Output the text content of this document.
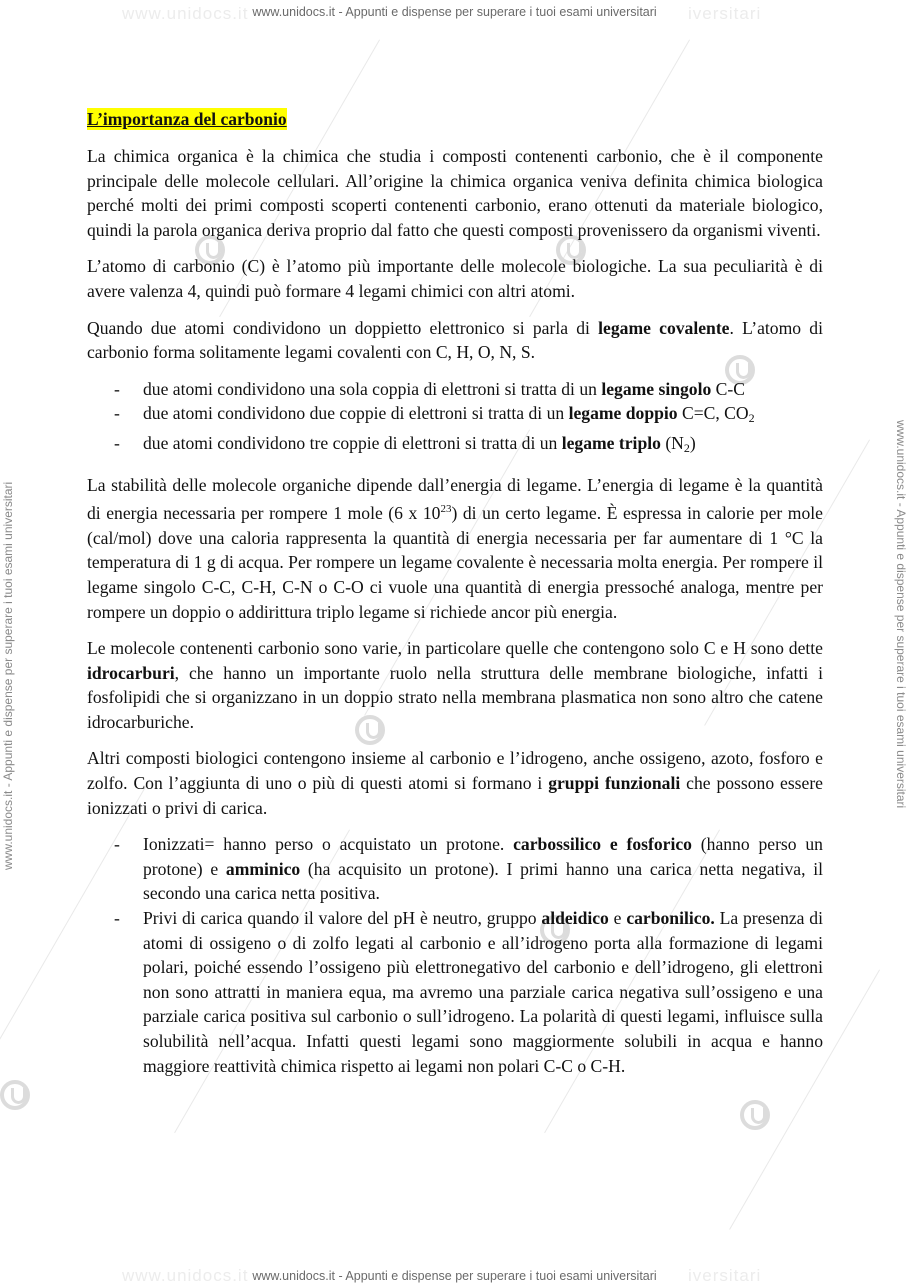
www.unidocs.it	iversitari
www.unidocs.it	iversitari
www.unidocs.it - Appunti e dispense per superare i tuoi esami universitari
www.unidocs.it - Appunti e dispense per superare i tuoi esami universitari
www.unidocs.it - Appunti e dispense per superare i tuoi esami universitari	www.unidocs.it - Appunti e dispense per superare i tuoi esami universitari
L’importanza del carbonio

La chimica organica è la chimica che studia i composti contenenti carbonio, che è il componente principale delle molecole cellulari. All’origine la chimica organica veniva definita chimica biologica perché molti dei primi composti scoperti contenenti carbonio, erano ottenuti da materiale biologico, quindi la parola organica deriva proprio dal fatto che questi composti provenissero da organismi viventi.

L’atomo di carbonio (C) è l’atomo più importante delle molecole biologiche. La sua peculiarità è di avere valenza 4, quindi può formare 4 legami chimici con altri atomi.

Quando due atomi condividono un doppietto elettronico si parla di legame covalente. L’atomo di carbonio forma solitamente legami covalenti con C, H, O, N, S.

- due atomi condividono una sola coppia di elettroni si tratta di un legame singolo C-C
- due atomi condividono due coppie di elettroni si tratta di un legame doppio C=C, $CO_2$
- due atomi condividono tre coppie di elettroni si tratta di un legame triplo $(N_2)$

La stabilità delle molecole organiche dipende dall’energia di legame. L’energia di legame è la quantità di energia necessaria per rompere 1 mole (6 x $10^{23}$) di un certo legame. È espressa in calorie per mole (cal/mol) dove una caloria rappresenta la quantità di energia necessaria per far aumentare di 1 °C la temperatura di 1 g di acqua. Per rompere un legame covalente è necessaria molta energia. Per rompere il legame singolo C-C, C-H, C-N o C-O ci vuole una quantità di energia pressoché analoga, mentre per rompere un doppio o addirittura triplo legame si richiede ancor più energia.

Le molecole contenenti carbonio sono varie, in particolare quelle che contengono solo C e H sono dette idrocarburi, che hanno un importante ruolo nella struttura delle membrane biologiche, infatti i fosfolipidi che si organizzano in un doppio strato nella membrana plasmatica non sono altro che catene idrocarburiche.

Altri composti biologici contengono insieme al carbonio e l’idrogeno, anche ossigeno, azoto, fosforo e zolfo. Con l’aggiunta di uno o più di questi atomi si formano i gruppi funzionali che possono essere ionizzati o privi di carica.

- Ionizzati= hanno perso o acquistato un protone. carbossilico e fosforico (hanno perso un protone) e amminico (ha acquisito un protone). I primi hanno una carica netta negativa, il secondo una carica netta positiva.
- Privi di carica quando il valore del pH è neutro, gruppo aldeidico e carbonilico. La presenza di atomi di ossigeno o di zolfo legati al carbonio e all’idrogeno porta alla formazione di legami polari, poiché essendo l’ossigeno più elettronegativo del carbonio e dell’idrogeno, gli elettroni non sono attratti in maniera equa, ma avremo una parziale carica negativa sull’ossigeno e una parziale carica positiva sul carbonio o sull’idrogeno. La polarità di questi legami, influisce sulla solubilità nell’acqua. Infatti questi legami sono maggiormente solubili in acqua e hanno maggiore reattività chimica rispetto ai legami non polari C-C o C-H.
